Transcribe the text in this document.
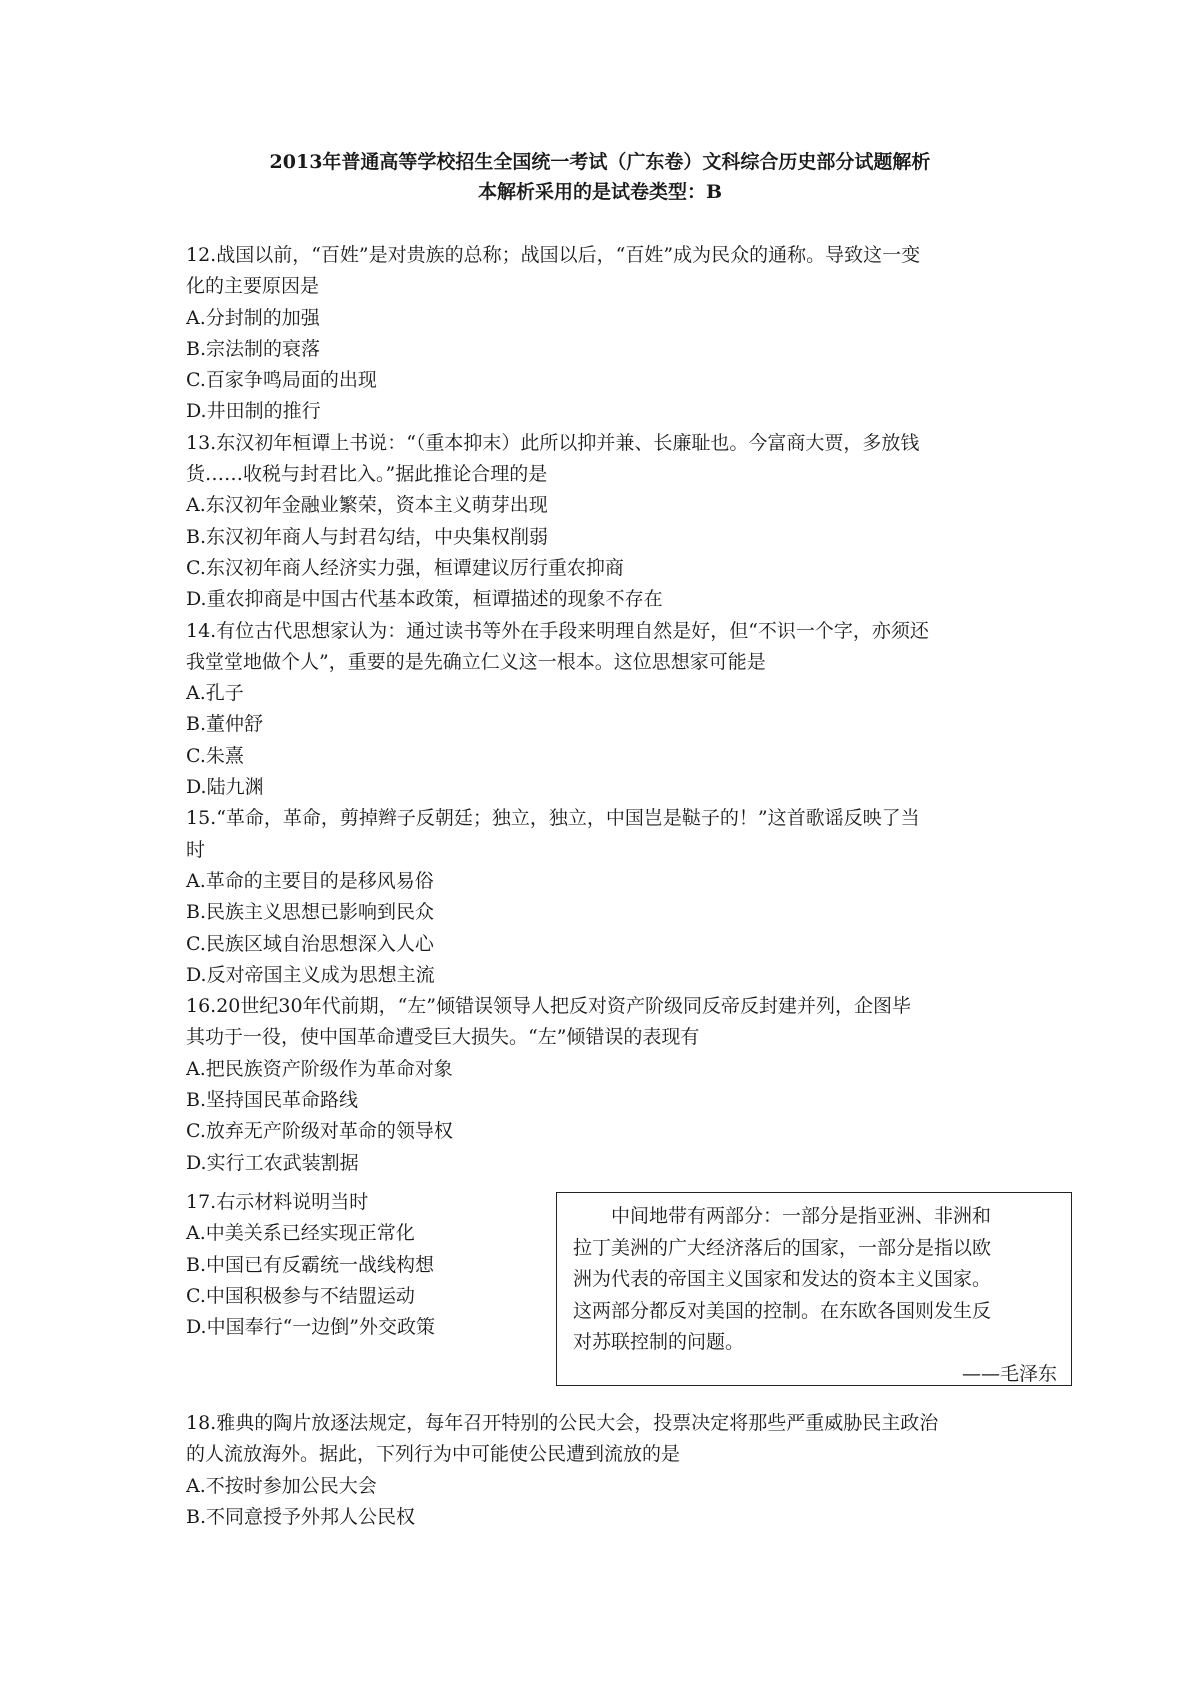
2013年普通高等学校招生全国统一考试（广东卷）文科综合历史部分试题解析
本解析采用的是试卷类型：B
12.战国以前，“百姓”是对贵族的总称；战国以后，“百姓”成为民众的通称。导致这一变
化的主要原因是
A.分封制的加强
B.宗法制的衰落
C.百家争鸣局面的出现
D.井田制的推行
13.东汉初年桓谭上书说：“（重本抑末）此所以抑并兼、长廉耻也。今富商大贾，多放钱
货……收税与封君比入。”据此推论合理的是
A.东汉初年金融业繁荣，资本主义萌芽出现
B.东汉初年商人与封君勾结，中央集权削弱
C.东汉初年商人经济实力强，桓谭建议厉行重农抑商
D.重农抑商是中国古代基本政策，桓谭描述的现象不存在
14.有位古代思想家认为：通过读书等外在手段来明理自然是好，但“不识一个字，亦须还
我堂堂地做个人”，重要的是先确立仁义这一根本。这位思想家可能是
A.孔子
B.董仲舒
C.朱熹
D.陆九渊
15.“革命，革命，剪掉辫子反朝廷；独立，独立，中国岂是鞑子的！”这首歌谣反映了当
时
A.革命的主要目的是移风易俗
B.民族主义思想已影响到民众
C.民族区域自治思想深入人心
D.反对帝国主义成为思想主流
16.20世纪30年代前期，“左”倾错误领导人把反对资产阶级同反帝反封建并列，企图毕
其功于一役，使中国革命遭受巨大损失。“左”倾错误的表现有
A.把民族资产阶级作为革命对象
B.坚持国民革命路线
C.放弃无产阶级对革命的领导权
D.实行工农武装割据
17.右示材料说明当时
A.中美关系已经实现正常化
B.中国已有反霸统一战线构想
C.中国积极参与不结盟运动
D.中国奉行“一边倒”外交政策
中间地带有两部分：一部分是指亚洲、非洲和
拉丁美洲的广大经济落后的国家，一部分是指以欧
洲为代表的帝国主义国家和发达的资本主义国家。
这两部分都反对美国的控制。在东欧各国则发生反
对苏联控制的问题。
——毛泽东
18.雅典的陶片放逐法规定，每年召开特别的公民大会，投票决定将那些严重威胁民主政治
的人流放海外。据此，下列行为中可能使公民遭到流放的是
A.不按时参加公民大会
B.不同意授予外邦人公民权
